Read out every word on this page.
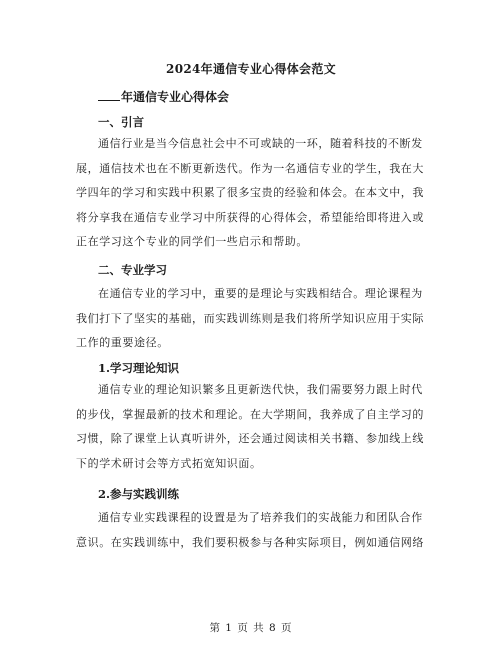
2024年通信专业心得体会范文
年通信专业心得体会
一、引言
通信行业是当今信息社会中不可或缺的一环，随着科技的不断发
展，通信技术也在不断更新迭代。作为一名通信专业的学生，我在大
学四年的学习和实践中积累了很多宝贵的经验和体会。在本文中，我
将分享我在通信专业学习中所获得的心得体会，希望能给即将进入或
正在学习这个专业的同学们一些启示和帮助。
二、专业学习
在通信专业的学习中，重要的是理论与实践相结合。理论课程为
我们打下了坚实的基础，而实践训练则是我们将所学知识应用于实际
工作的重要途径。
1.学习理论知识
通信专业的理论知识繁多且更新迭代快，我们需要努力跟上时代
的步伐，掌握最新的技术和理论。在大学期间，我养成了自主学习的
习惯，除了课堂上认真听讲外，还会通过阅读相关书籍、参加线上线
下的学术研讨会等方式拓宽知识面。
2.参与实践训练
通信专业实践课程的设置是为了培养我们的实战能力和团队合作
意识。在实践训练中，我们要积极参与各种实际项目，例如通信网络
第 1 页 共 8 页
